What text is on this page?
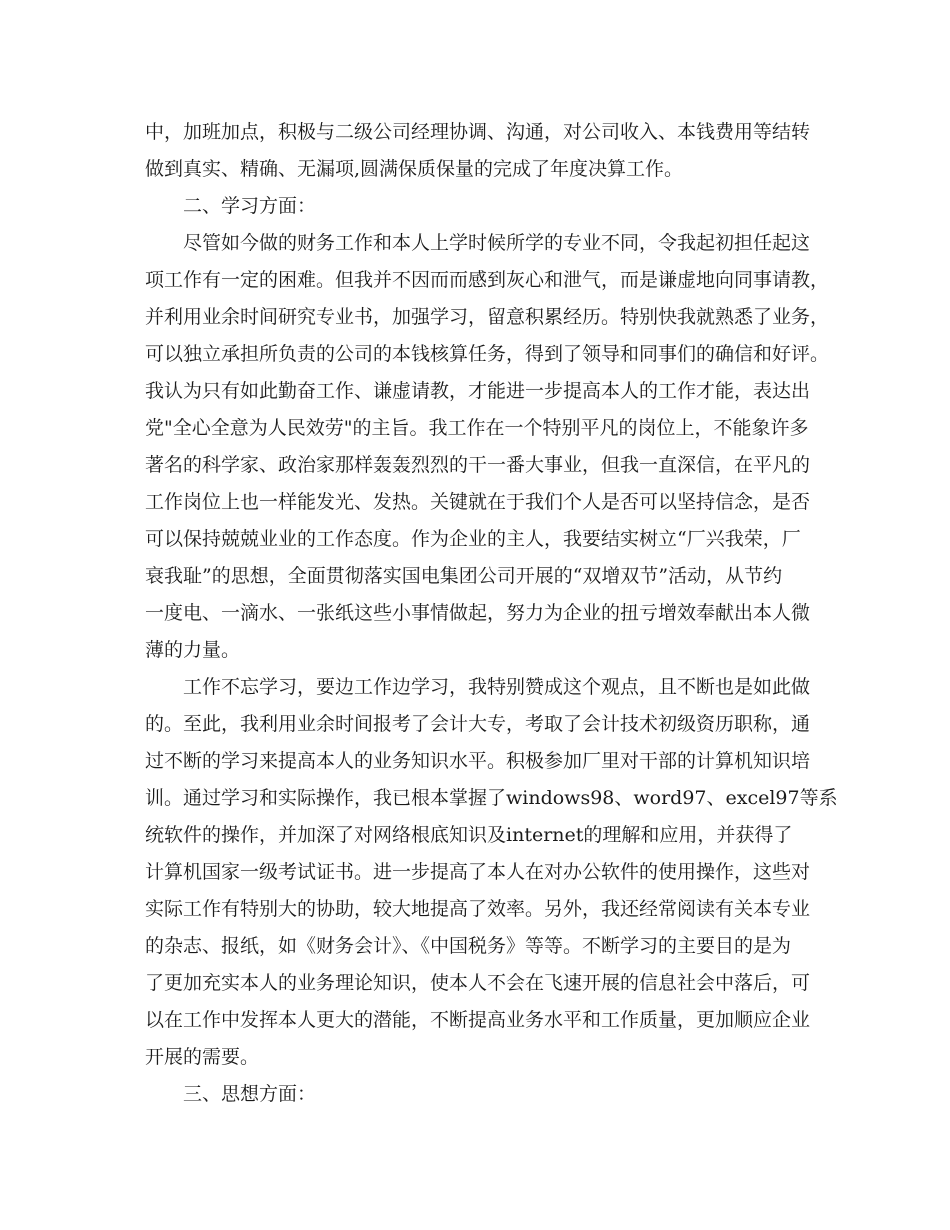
中，加班加点，积极与二级公司经理协调、沟通，对公司收入、本钱费用等结转
做到真实、精确、无漏项,圆满保质保量的完成了年度决算工作。
二、学习方面：
尽管如今做的财务工作和本人上学时候所学的专业不同，令我起初担任起这
项工作有一定的困难。但我并不因而而感到灰心和泄气，而是谦虚地向同事请教，
并利用业余时间研究专业书，加强学习，留意积累经历。特别快我就熟悉了业务，
可以独立承担所负责的公司的本钱核算任务，得到了领导和同事们的确信和好评。
我认为只有如此勤奋工作、谦虚请教，才能进一步提高本人的工作才能，表达出
党"全心全意为人民效劳"的主旨。我工作在一个特别平凡的岗位上，不能象许多
著名的科学家、政治家那样轰轰烈烈的干一番大事业，但我一直深信，在平凡的
工作岗位上也一样能发光、发热。关键就在于我们个人是否可以坚持信念，是否
可以保持兢兢业业的工作态度。作为企业的主人，我要结实树立“厂兴我荣，厂
衰我耻”的思想，全面贯彻落实国电集团公司开展的“双增双节”活动，从节约
一度电、一滴水、一张纸这些小事情做起，努力为企业的扭亏增效奉献出本人微
薄的力量。
工作不忘学习，要边工作边学习，我特别赞成这个观点，且不断也是如此做
的。至此，我利用业余时间报考了会计大专，考取了会计技术初级资历职称，通
过不断的学习来提高本人的业务知识水平。积极参加厂里对干部的计算机知识培
训。通过学习和实际操作，我已根本掌握了windows98、word97、excel97等系
统软件的操作，并加深了对网络根底知识及internet的理解和应用，并获得了
计算机国家一级考试证书。进一步提高了本人在对办公软件的使用操作，这些对
实际工作有特别大的协助，较大地提高了效率。另外，我还经常阅读有关本专业
的杂志、报纸，如《财务会计》、《中国税务》等等。不断学习的主要目的是为
了更加充实本人的业务理论知识，使本人不会在飞速开展的信息社会中落后，可
以在工作中发挥本人更大的潜能，不断提高业务水平和工作质量，更加顺应企业
开展的需要。
三、思想方面：
